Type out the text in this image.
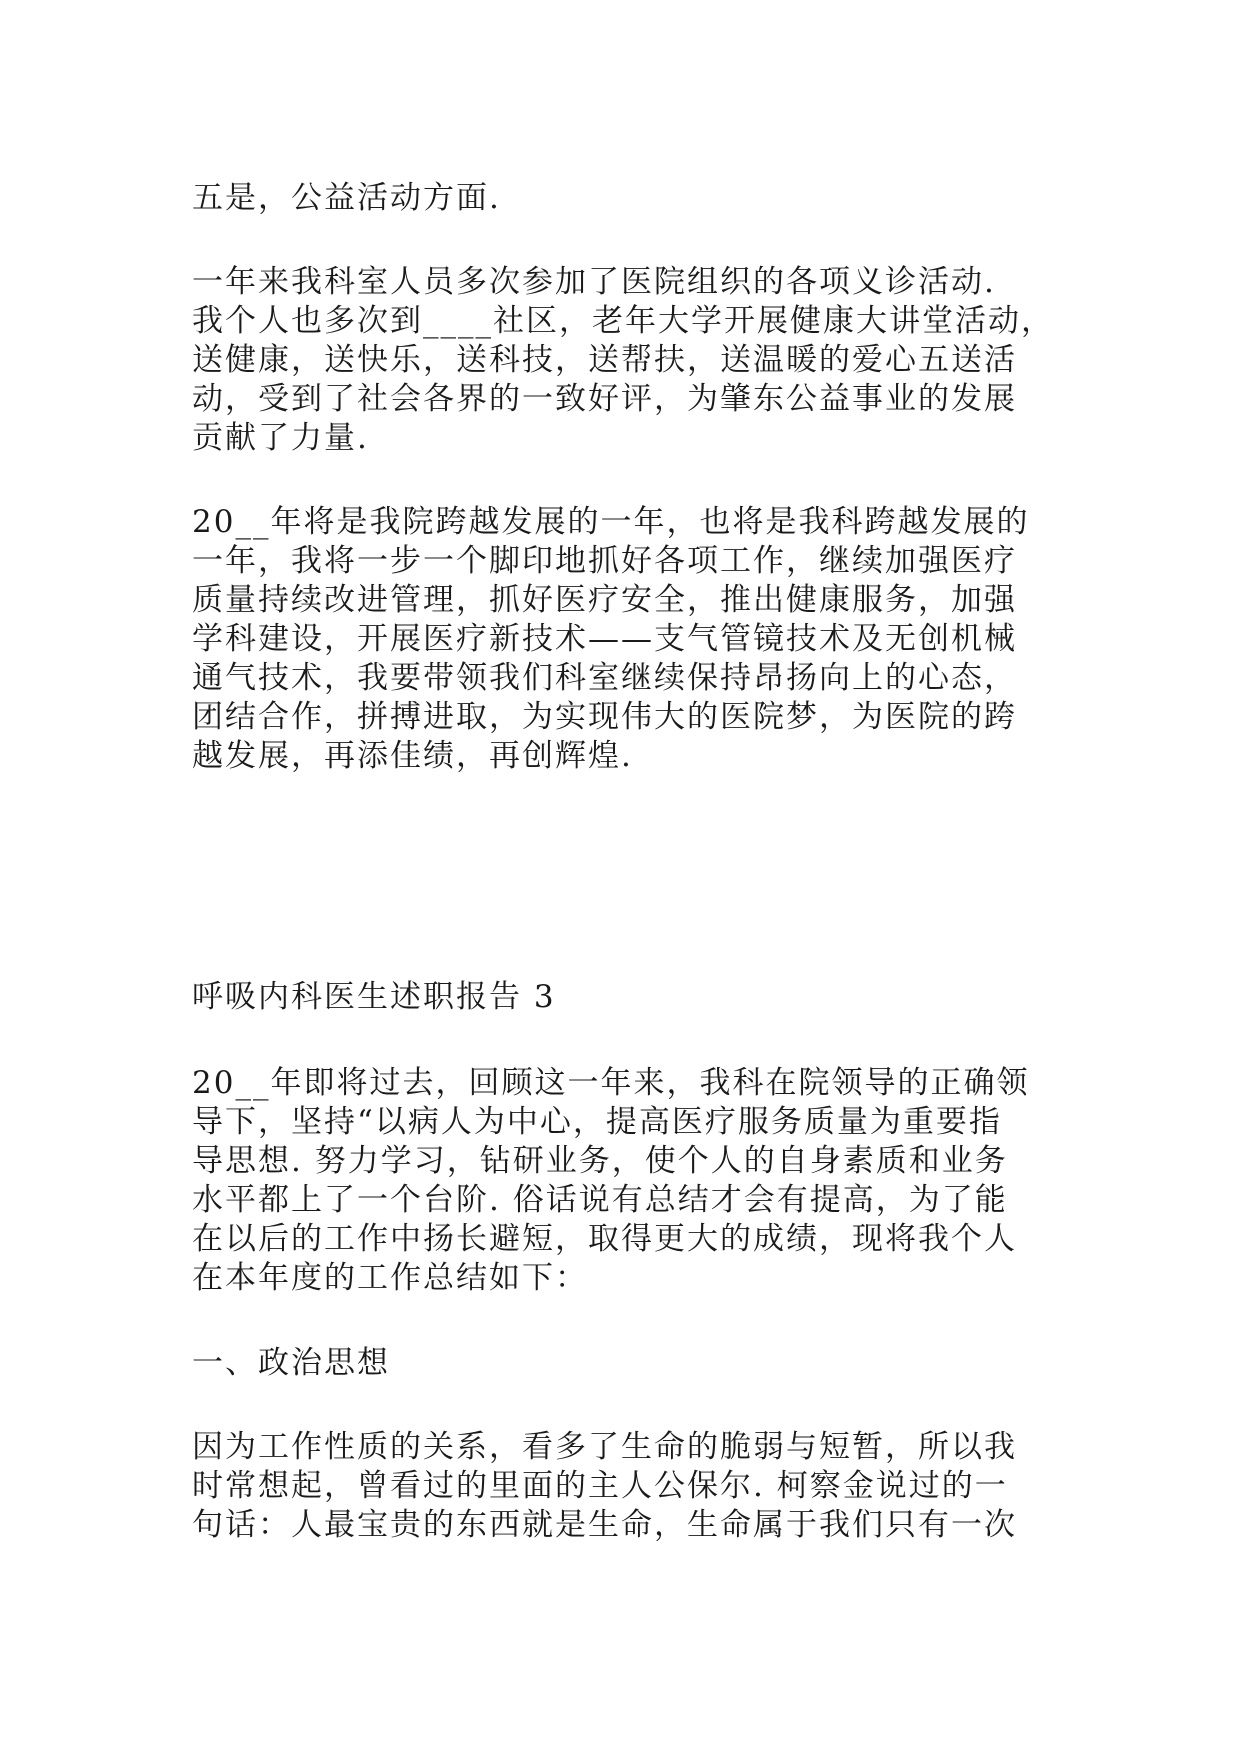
五是，公益活动方面.
一年来我科室人员多次参加了医院组织的各项义诊活动.
我个人也多次到____社区，老年大学开展健康大讲堂活动，
送健康，送快乐，送科技，送帮扶，送温暖的爱心五送活
动，受到了社会各界的一致好评，为肇东公益事业的发展
贡献了力量.
20__年将是我院跨越发展的一年，也将是我科跨越发展的
一年，我将一步一个脚印地抓好各项工作，继续加强医疗
质量持续改进管理，抓好医疗安全，推出健康服务，加强
学科建设，开展医疗新技术——支气管镜技术及无创机械
通气技术，我要带领我们科室继续保持昂扬向上的心态，
团结合作，拼搏进取，为实现伟大的医院梦，为医院的跨
越发展，再添佳绩，再创辉煌.
呼吸内科医生述职报告 3
20__年即将过去，回顾这一年来，我科在院领导的正确领
导下，坚持“以病人为中心，提高医疗服务质量为重要指
导思想. 努力学习，钻研业务，使个人的自身素质和业务
水平都上了一个台阶. 俗话说有总结才会有提高，为了能
在以后的工作中扬长避短，取得更大的成绩，现将我个人
在本年度的工作总结如下：
一、政治思想
因为工作性质的关系，看多了生命的脆弱与短暂，所以我
时常想起，曾看过的里面的主人公保尔. 柯察金说过的一
句话：人最宝贵的东西就是生命，生命属于我们只有一次
